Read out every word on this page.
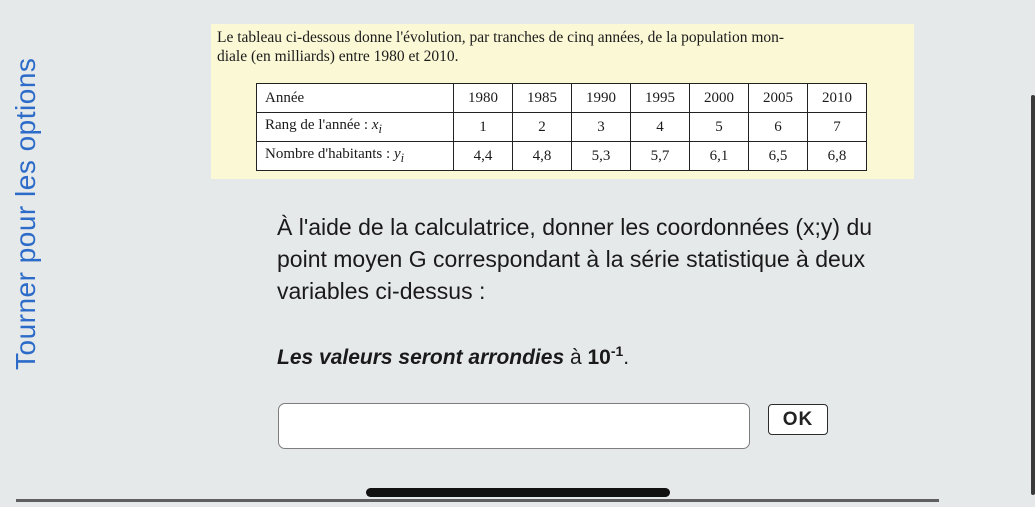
Tourner pour les options
Le tableau ci-dessous donne l'évolution, par tranches de cinq années, de la population mon-
diale (en milliards) entre 1980 et 2010.
Année	1980	1985	1990	1995	2000	2005	2010
Rang de l'année : $x_i$	1	2	3	4	5	6	7
Nombre d'habitants : $y_i$	4,4	4,8	5,3	5,7	6,1	6,5	6,8
À l'aide de la calculatrice, donner les coordonnées (x;y) du point moyen G correspondant à la série statistique à deux variables ci-dessus :
Les valeurs seront arrondies à $10^{-1}$.
OK
